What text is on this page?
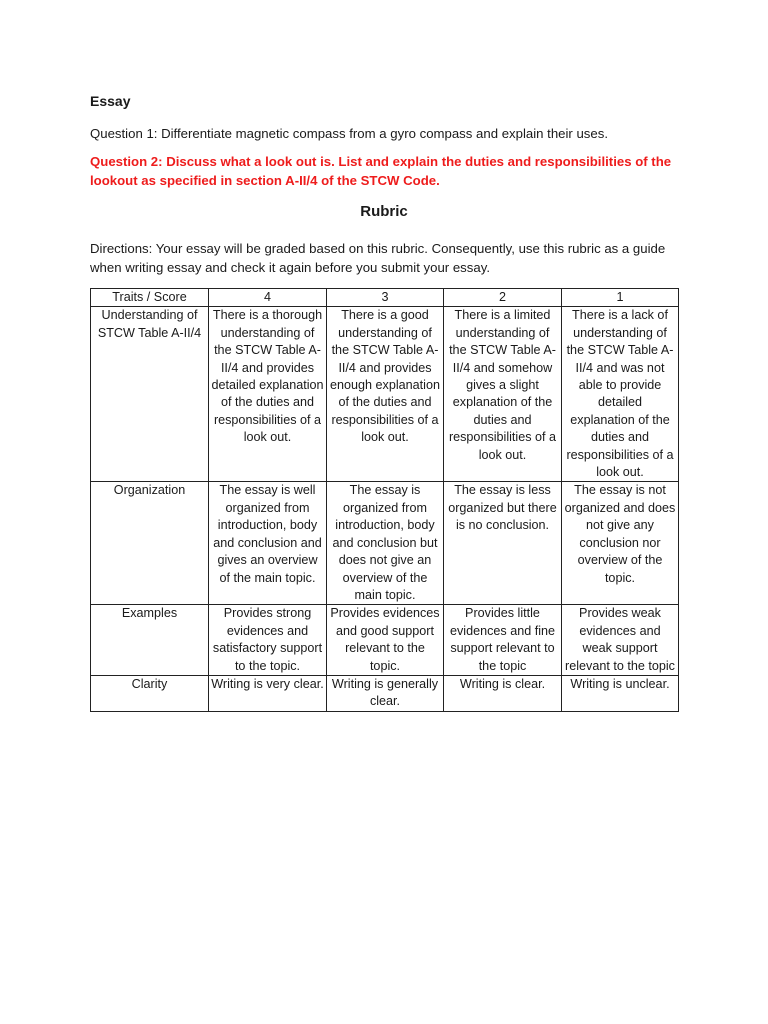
Essay

Question 1: Differentiate magnetic compass from a gyro compass and explain their uses.

Question 2: Discuss what a look out is. List and explain the duties and responsibilities of the lookout as specified in section A-II/4 of the STCW Code.

Rubric

Directions: Your essay will be graded based on this rubric. Consequently, use this rubric as a guide when writing essay and check it again before you submit your essay.

Traits / Score	4	3	2	1
Understanding of STCW Table A-II/4	There is a thorough understanding of the STCW Table A-II/4 and provides detailed explanation of the duties and responsibilities of a look out.	There is a good understanding of the STCW Table A-II/4 and provides enough explanation of the duties and responsibilities of a look out.	There is a limited understanding of the STCW Table A-II/4 and somehow gives a slight explanation of the duties and responsibilities of a look out.	There is a lack of understanding of the STCW Table A-II/4 and was not able to provide detailed explanation of the duties and responsibilities of a look out.
Organization	The essay is well organized from introduction, body and conclusion and gives an overview of the main topic.	The essay is organized from introduction, body and conclusion but does not give an overview of the main topic.	The essay is less organized but there is no conclusion.	The essay is not organized and does not give any conclusion nor overview of the topic.
Examples	Provides strong evidences and satisfactory support to the topic.	Provides evidences and good support relevant to the topic.	Provides little evidences and fine support relevant to the topic	Provides weak evidences and weak support relevant to the topic
Clarity	Writing is very clear.	Writing is generally clear.	Writing is clear.	Writing is unclear.
